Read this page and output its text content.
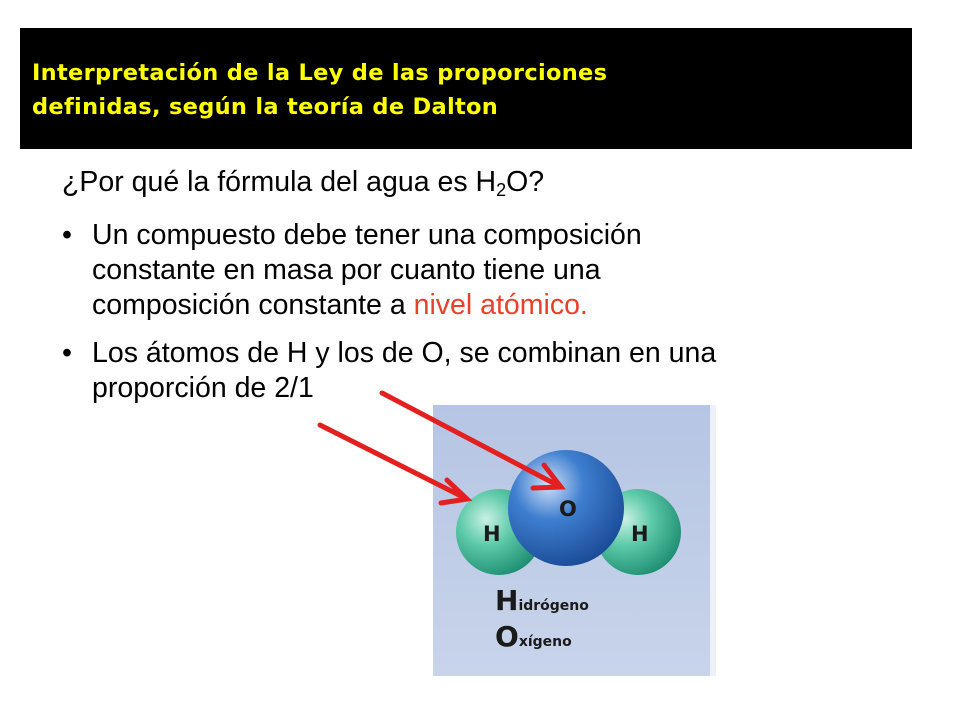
Interpretación de la Ley de las proporciones
definidas, según la teoría de Dalton
¿Por qué la fórmula del agua es $H_2O$?
• Un compuesto debe tener una composición
constante en masa por cuanto tiene una
composición constante a nivel atómico.
• Los átomos de H y los de O, se combinan en una
proporción de 2/1
O
H	H
Hidrógeno
Oxígeno
